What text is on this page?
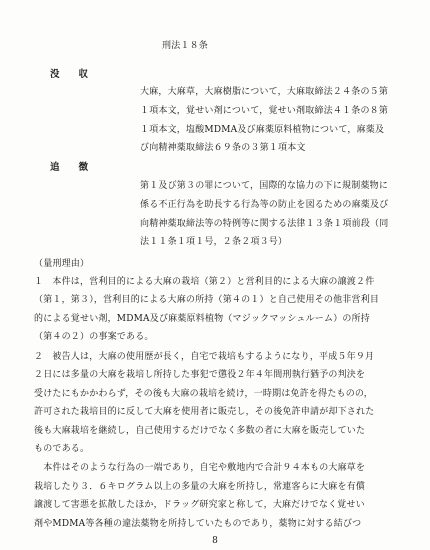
刑法１８条
没　　収
大麻，大麻草，大麻樹脂について，大麻取締法２４条の５第
１項本文，覚せい剤について，覚せい剤取締法４１条の８第
１項本文，塩酸MDMA及び麻薬原料植物について，麻薬及
び向精神薬取締法６９条の３第１項本文
追　　徴
第１及び第３の罪について，国際的な協力の下に規制薬物に
係る不正行為を助長する行為等の防止を図るための麻薬及び
向精神薬取締法等の特例等に関する法律１３条１項前段（同
法１１条１項１号，２条２項３号）
（量刑理由）
１　本件は，営利目的による大麻の栽培（第２）と営利目的による大麻の譲渡２件
（第１，第３），営利目的による大麻の所持（第４の１）と自己使用その他非営利目
的による覚せい剤，MDMA及び麻薬原料植物（マジックマッシュルーム）の所持
（第４の２）の事案である。
２　被告人は，大麻の使用歴が長く，自宅で栽培もするようになり，平成５年９月
２日には多量の大麻を栽培し所持した事犯で懲役２年４年間刑執行猶予の判決を
受けたにもかかわらず，その後も大麻の栽培を続け，一時期は免許を得たものの，
許可された栽培目的に反して大麻を使用者に販売し，その後免許申請が却下された
後も大麻栽培を継続し，自己使用するだけでなく多数の者に大麻を販売していた
ものである。
　本件はそのような行為の一端であり，自宅や敷地内で合計９４本もの大麻草を
栽培したり３．６キログラム以上の多量の大麻を所持し，常連客らに大麻を有償
譲渡して害悪を拡散したほか，ドラッグ研究家と称して，大麻だけでなく覚せい
剤やMDMA等各種の違法薬物を所持していたものであり，薬物に対する結びつ
8
